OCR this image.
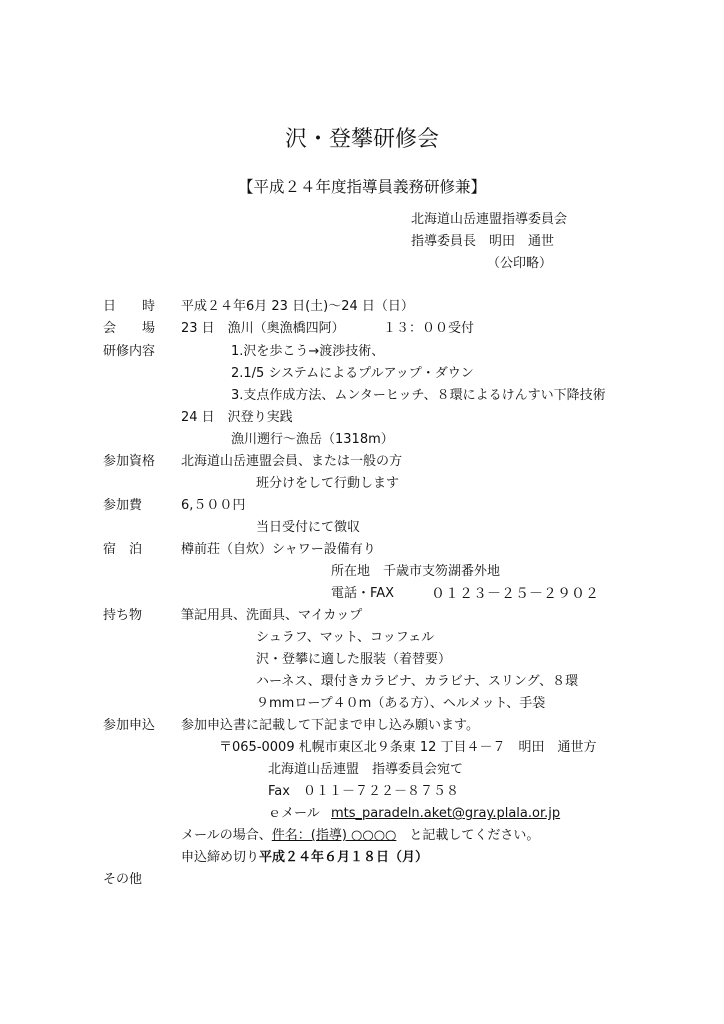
沢・登攀研修会
【平成２４年度指導員義務研修兼】
北海道山岳連盟指導委員会
指導委員長　明田　通世
（公印略）
日　　時 平成２４年6月 23 日(土)～24 日（日）
会　　場 23 日　漁川（奥漁橋四阿）	１３：００受付
研修内容	1.沢を歩こう→渡渉技術、
2.1/5 システムによるプルアップ・ダウン
3.支点作成方法、ムンターヒッチ、８環によるけんすい下降技術
24 日　沢登り実践
漁川遡行～漁岳（1318m）
参加資格 北海道山岳連盟会員、または一般の方
班分けをして行動します
参加費	6,５００円
当日受付にて徴収
宿　泊	樽前荘（自炊）シャワー設備有り
所在地　千歳市支笏湖番外地
電話・FAX	０１２３－２５－２９０２
持ち物	筆記用具、洗面具、マイカップ
シュラフ、マット、コッフェル
沢・登攀に適した服装（着替要）
ハーネス、環付きカラビナ、カラビナ、スリング、８環
９mmロープ４０m（ある方）、ヘルメット、手袋
参加申込 参加申込書に記載して下記まで申し込み願います。
〒065-0009 札幌市東区北９条東 12 丁目４－７　明田　通世方
北海道山岳連盟　指導委員会宛て
Fax　０１１－７２２－８７５８
ｅメール mts_paradeln.aket@gray.plala.or.jp
メールの場合、件名：(指導) ○○○○　と記載してください。
申込締め切り平成２４年６月１８日（月）
その他
